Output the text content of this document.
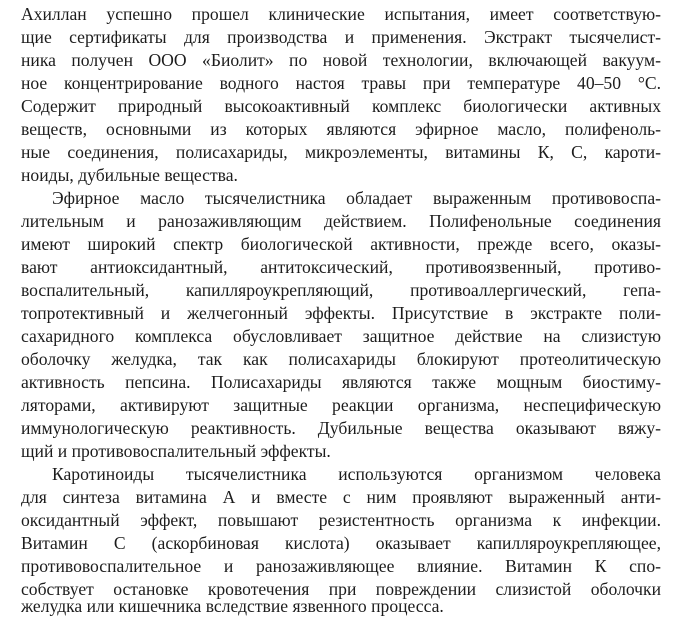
Ахиллан успешно прошел клинические испытания, имеет соответствую-
щие сертификаты для производства и применения. Экстракт тысячелист-
ника получен ООО «Биолит» по новой технологии, включающей вакуум-
ное концентрирование водного настоя травы при температуре 40–50 °С.
Содержит природный высокоактивный комплекс биологически активных
веществ, основными из которых являются эфирное масло, полифеноль-
ные соединения, полисахариды, микроэлементы, витамины К, С, кароти-
ноиды, дубильные вещества.
Эфирное масло тысячелистника обладает выраженным противовоспа-
лительным и ранозаживляющим действием. Полифенольные соединения
имеют широкий спектр биологической активности, прежде всего, оказы-
вают антиоксидантный, антитоксический, противоязвенный, противо-
воспалительный, капилляроукрепляющий, противоаллергический, гепа-
топротективный и желчегонный эффекты. Присутствие в экстракте поли-
сахаридного комплекса обусловливает защитное действие на слизистую
оболочку желудка, так как полисахариды блокируют протеолитическую
активность пепсина. Полисахариды являются также мощным биостиму-
ляторами, активируют защитные реакции организма, неспецифическую
иммунологическую реактивность. Дубильные вещества оказывают вяжу-
щий и противовоспалительный эффекты.
Каротиноиды тысячелистника используются организмом человека
для синтеза витамина А и вместе с ним проявляют выраженный анти-
оксидантный эффект, повышают резистентность организма к инфекции.
Витамин С (аскорбиновая кислота) оказывает капилляроукрепляющее,
противовоспалительное и ранозаживляющее влияние. Витамин К спо-
собствует остановке кровотечения при повреждении слизистой оболочки
желудка или кишечника вследствие язвенного процесса.
